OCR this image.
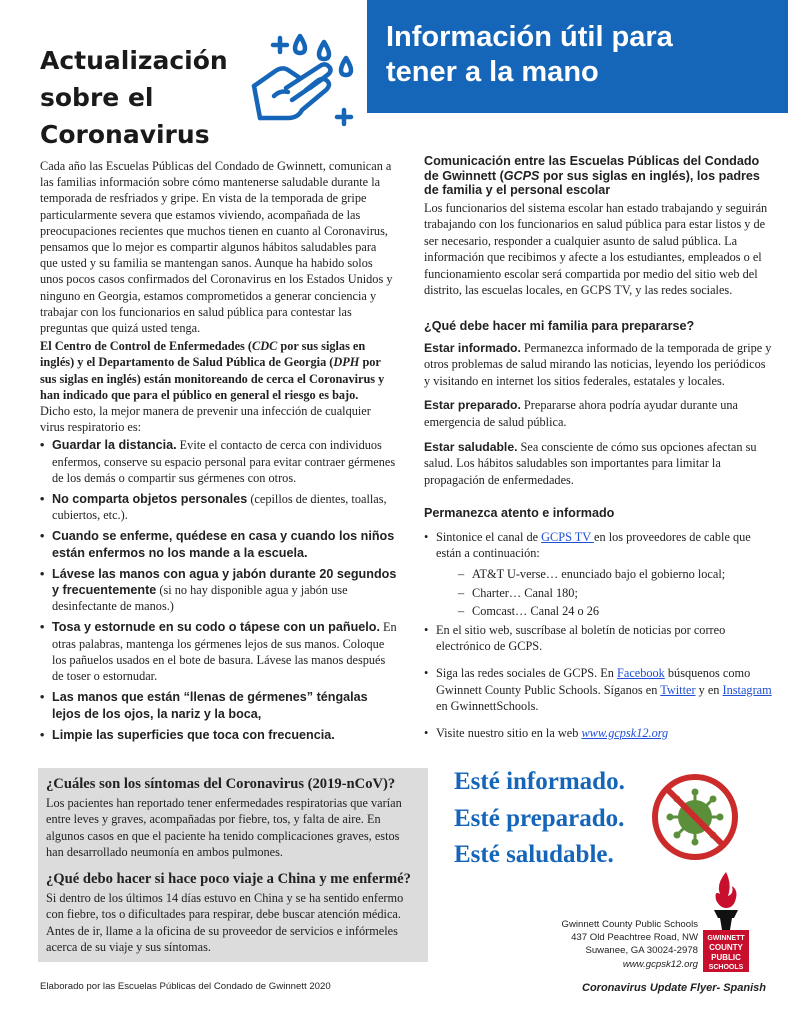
Actualización
sobre el
Coronavirus
Información útil para
tener a la mano

Cada año las Escuelas Públicas del Condado de Gwinnett, comunican a las familias información sobre cómo mantenerse saludable durante la temporada de resfriados y gripe. En vista de la temporada de gripe particularmente severa que estamos viviendo, acompañada de las preocupaciones recientes que muchos tienen en cuanto al Coronavirus, pensamos que lo mejor es compartir algunos hábitos saludables para que usted y su familia se mantengan sanos. Aunque ha habido solos unos pocos casos confirmados del Coronavirus en los Estados Unidos y ninguno en Georgia, estamos comprometidos a generar conciencia y trabajar con los funcionarios en salud pública para contestar las preguntas que quizá usted tenga.

El Centro de Control de Enfermedades (CDC por sus siglas en inglés) y el Departamento de Salud Pública de Georgia (DPH por sus siglas en inglés) están monitoreando de cerca el Coronavirus y han indicado que para el público en general el riesgo es bajo.

Dicho esto, la mejor manera de prevenir una infección de cualquier virus respiratorio es:

• Guardar la distancia. Evite el contacto de cerca con individuos enfermos, conserve su espacio personal para evitar contraer gérmenes de los demás o compartir sus gérmenes con otros.
• No comparta objetos personales (cepillos de dientes, toallas, cubiertos, etc.).
• Cuando se enferme, quédese en casa y cuando los niños están enfermos no los mande a la escuela.
• Lávese las manos con agua y jabón durante 20 segundos y frecuentemente (si no hay disponible agua y jabón use desinfectante de manos.)
• Tosa y estornude en su codo o tápese con un pañuelo. En otras palabras, mantenga los gérmenes lejos de sus manos. Coloque los pañuelos usados en el bote de basura. Lávese las manos después de toser o estornudar.
• Las manos que están “llenas de gérmenes” téngalas lejos de los ojos, la nariz y la boca,
• Limpie las superficies que toca con frecuencia.
¿Cuáles son los síntomas del Coronavirus (2019-nCoV)?

Los pacientes han reportado tener enfermedades respiratorias que varían entre leves y graves, acompañadas por fiebre, tos, y falta de aire. En algunos casos en que el paciente ha tenido complicaciones graves, estos han desarrollado neumonía en ambos pulmones.

¿Qué debo hacer si hace poco viaje a China y me enfermé?

Si dentro de los últimos 14 días estuvo en China y se ha sentido enfermo con fiebre, tos o dificultades para respirar, debe buscar atención médica. Antes de ir, llame a la oficina de su proveedor de servicios e infórmeles acerca de su viaje y sus síntomas.

Comunicación entre las Escuelas Públicas del Condado de Gwinnett (GCPS por sus siglas en inglés), los padres de familia y el personal escolar

Los funcionarios del sistema escolar han estado trabajando y seguirán trabajando con los funcionarios en salud pública para estar listos y de ser necesario, responder a cualquier asunto de salud pública. La información que recibimos y afecte a los estudiantes, empleados o el funcionamiento escolar será compartida por medio del sitio web del distrito, las escuelas locales, en GCPS TV, y las redes sociales.

¿Qué debe hacer mi familia para prepararse?

Estar informado. Permanezca informado de la temporada de gripe y otros problemas de salud mirando las noticias, leyendo los periódicos y visitando en internet los sitios federales, estatales y locales.

Estar preparado. Prepararse ahora podría ayudar durante una emergencia de salud pública.

Estar saludable. Sea consciente de cómo sus opciones afectan su salud. Los hábitos saludables son importantes para limitar la propagación de enfermedades.

Permanezca atento e informado

• Sintonice el canal de GCPS TV en los proveedores de cable que están a continuación:
– AT&T U-verse… enunciado bajo el gobierno local;
– Charter… Canal 180;
– Comcast… Canal 24 o 26
• En el sitio web, suscríbase al boletín de noticias por correo electrónico de GCPS.
• Siga las redes sociales de GCPS. En Facebook búsquenos como Gwinnett County Public Schools. Síganos en Twitter y en Instagram en GwinnettSchools.
• Visite nuestro sitio en la web www.gcpsk12.org

Esté informado.

Esté preparado.

Esté saludable.

Gwinnett County Public Schools
437 Old Peachtree Road, NW
Suwanee, GA 30024-2978
www.gcpsk12.org
GWINNETT
COUNTY
PUBLIC
SCHOOLS
Elaborado por las Escuelas Públicas del Condado de Gwinnett 2020	Coronavirus Update Flyer- Spanish
